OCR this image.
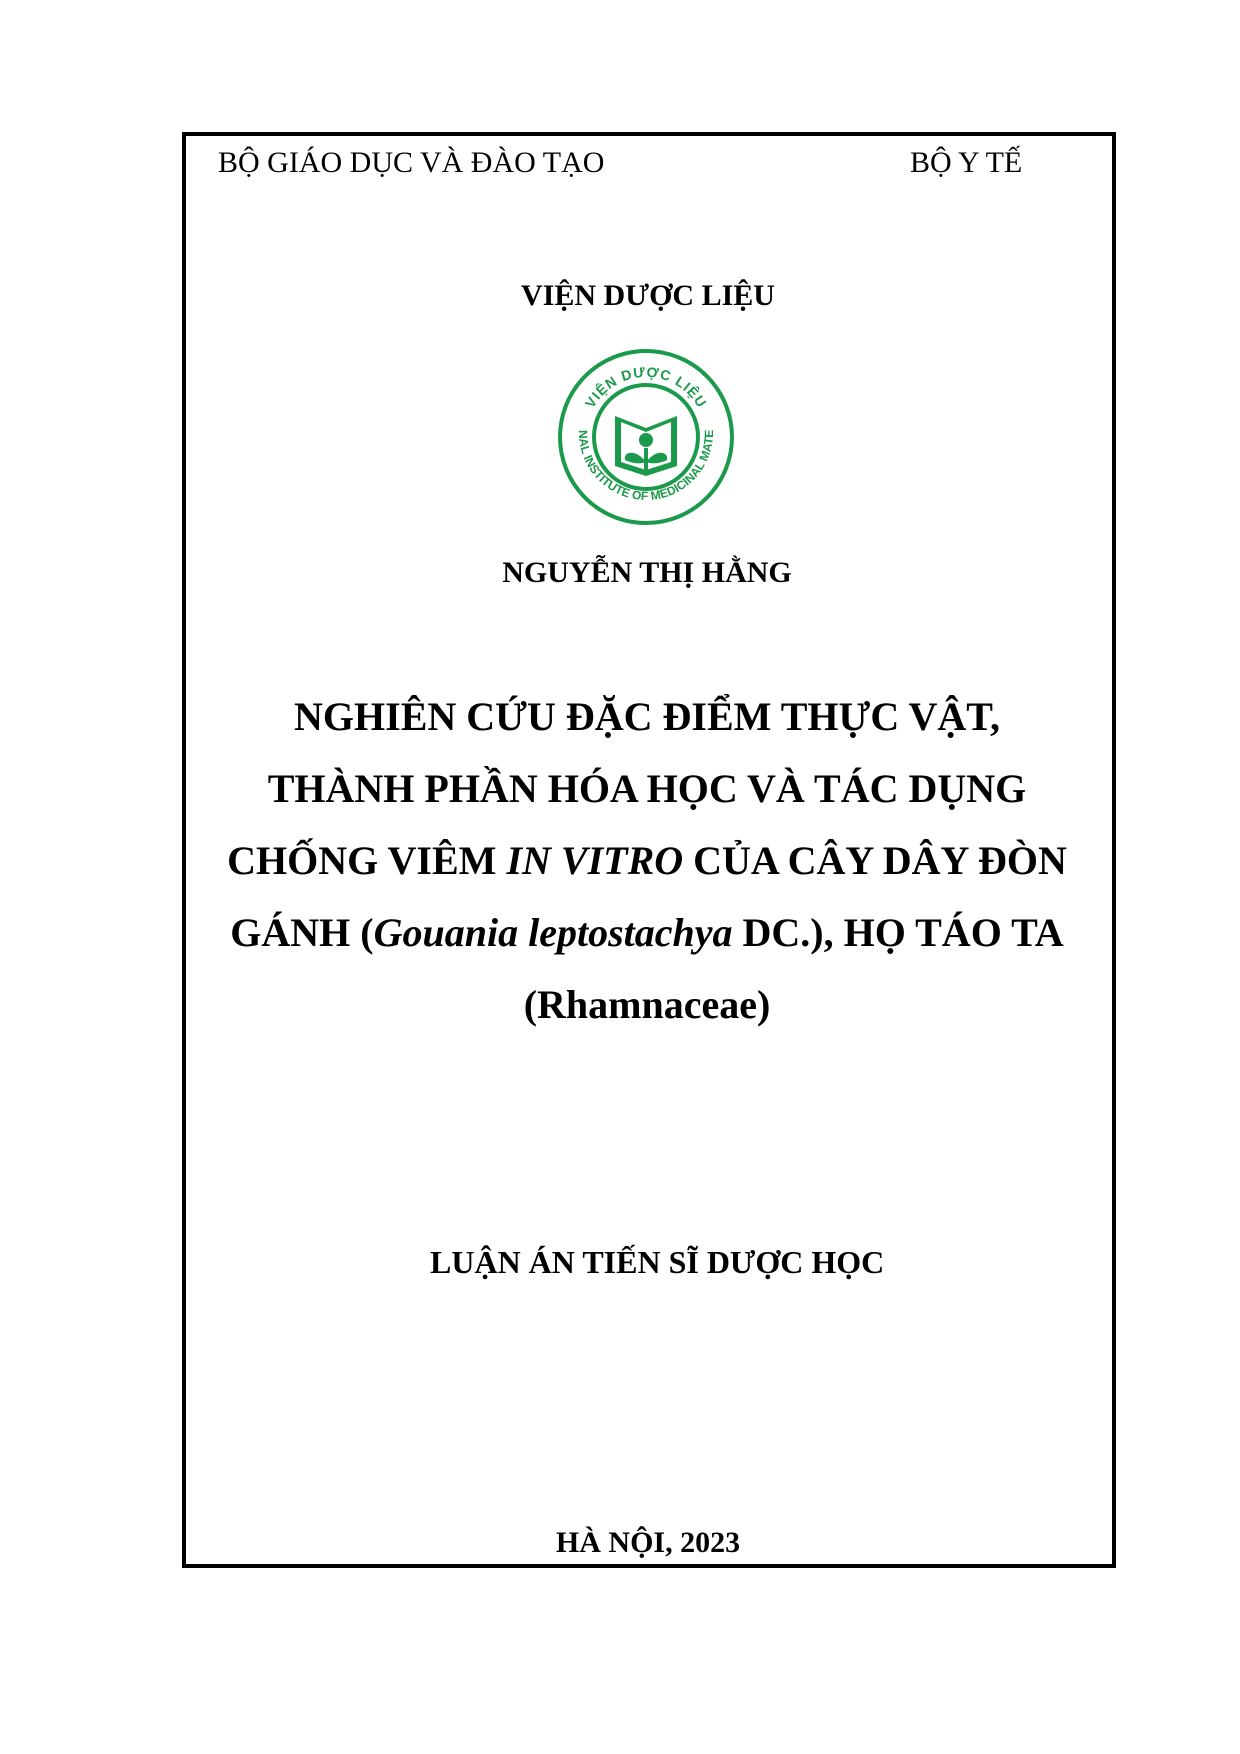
BỘ GIÁO DỤC VÀ ĐÀO TẠO	BỘ Y TẾ
VIỆN DƯỢC LIỆU
VIỆN DƯỢC LIỆU
NAL INSTITUTE OF MEDICINAL MATE
NGUYỄN THỊ HẰNG
NGHIÊN CỨU ĐẶC ĐIỂM THỰC VẬT,
THÀNH PHẦN HÓA HỌC VÀ TÁC DỤNG
CHỐNG VIÊM IN VITRO CỦA CÂY DÂY ĐÒN
GÁNH (Gouania leptostachya DC.), HỌ TÁO TA
(Rhamnaceae)
LUẬN ÁN TIẾN SĨ DƯỢC HỌC
HÀ NỘI, 2023
